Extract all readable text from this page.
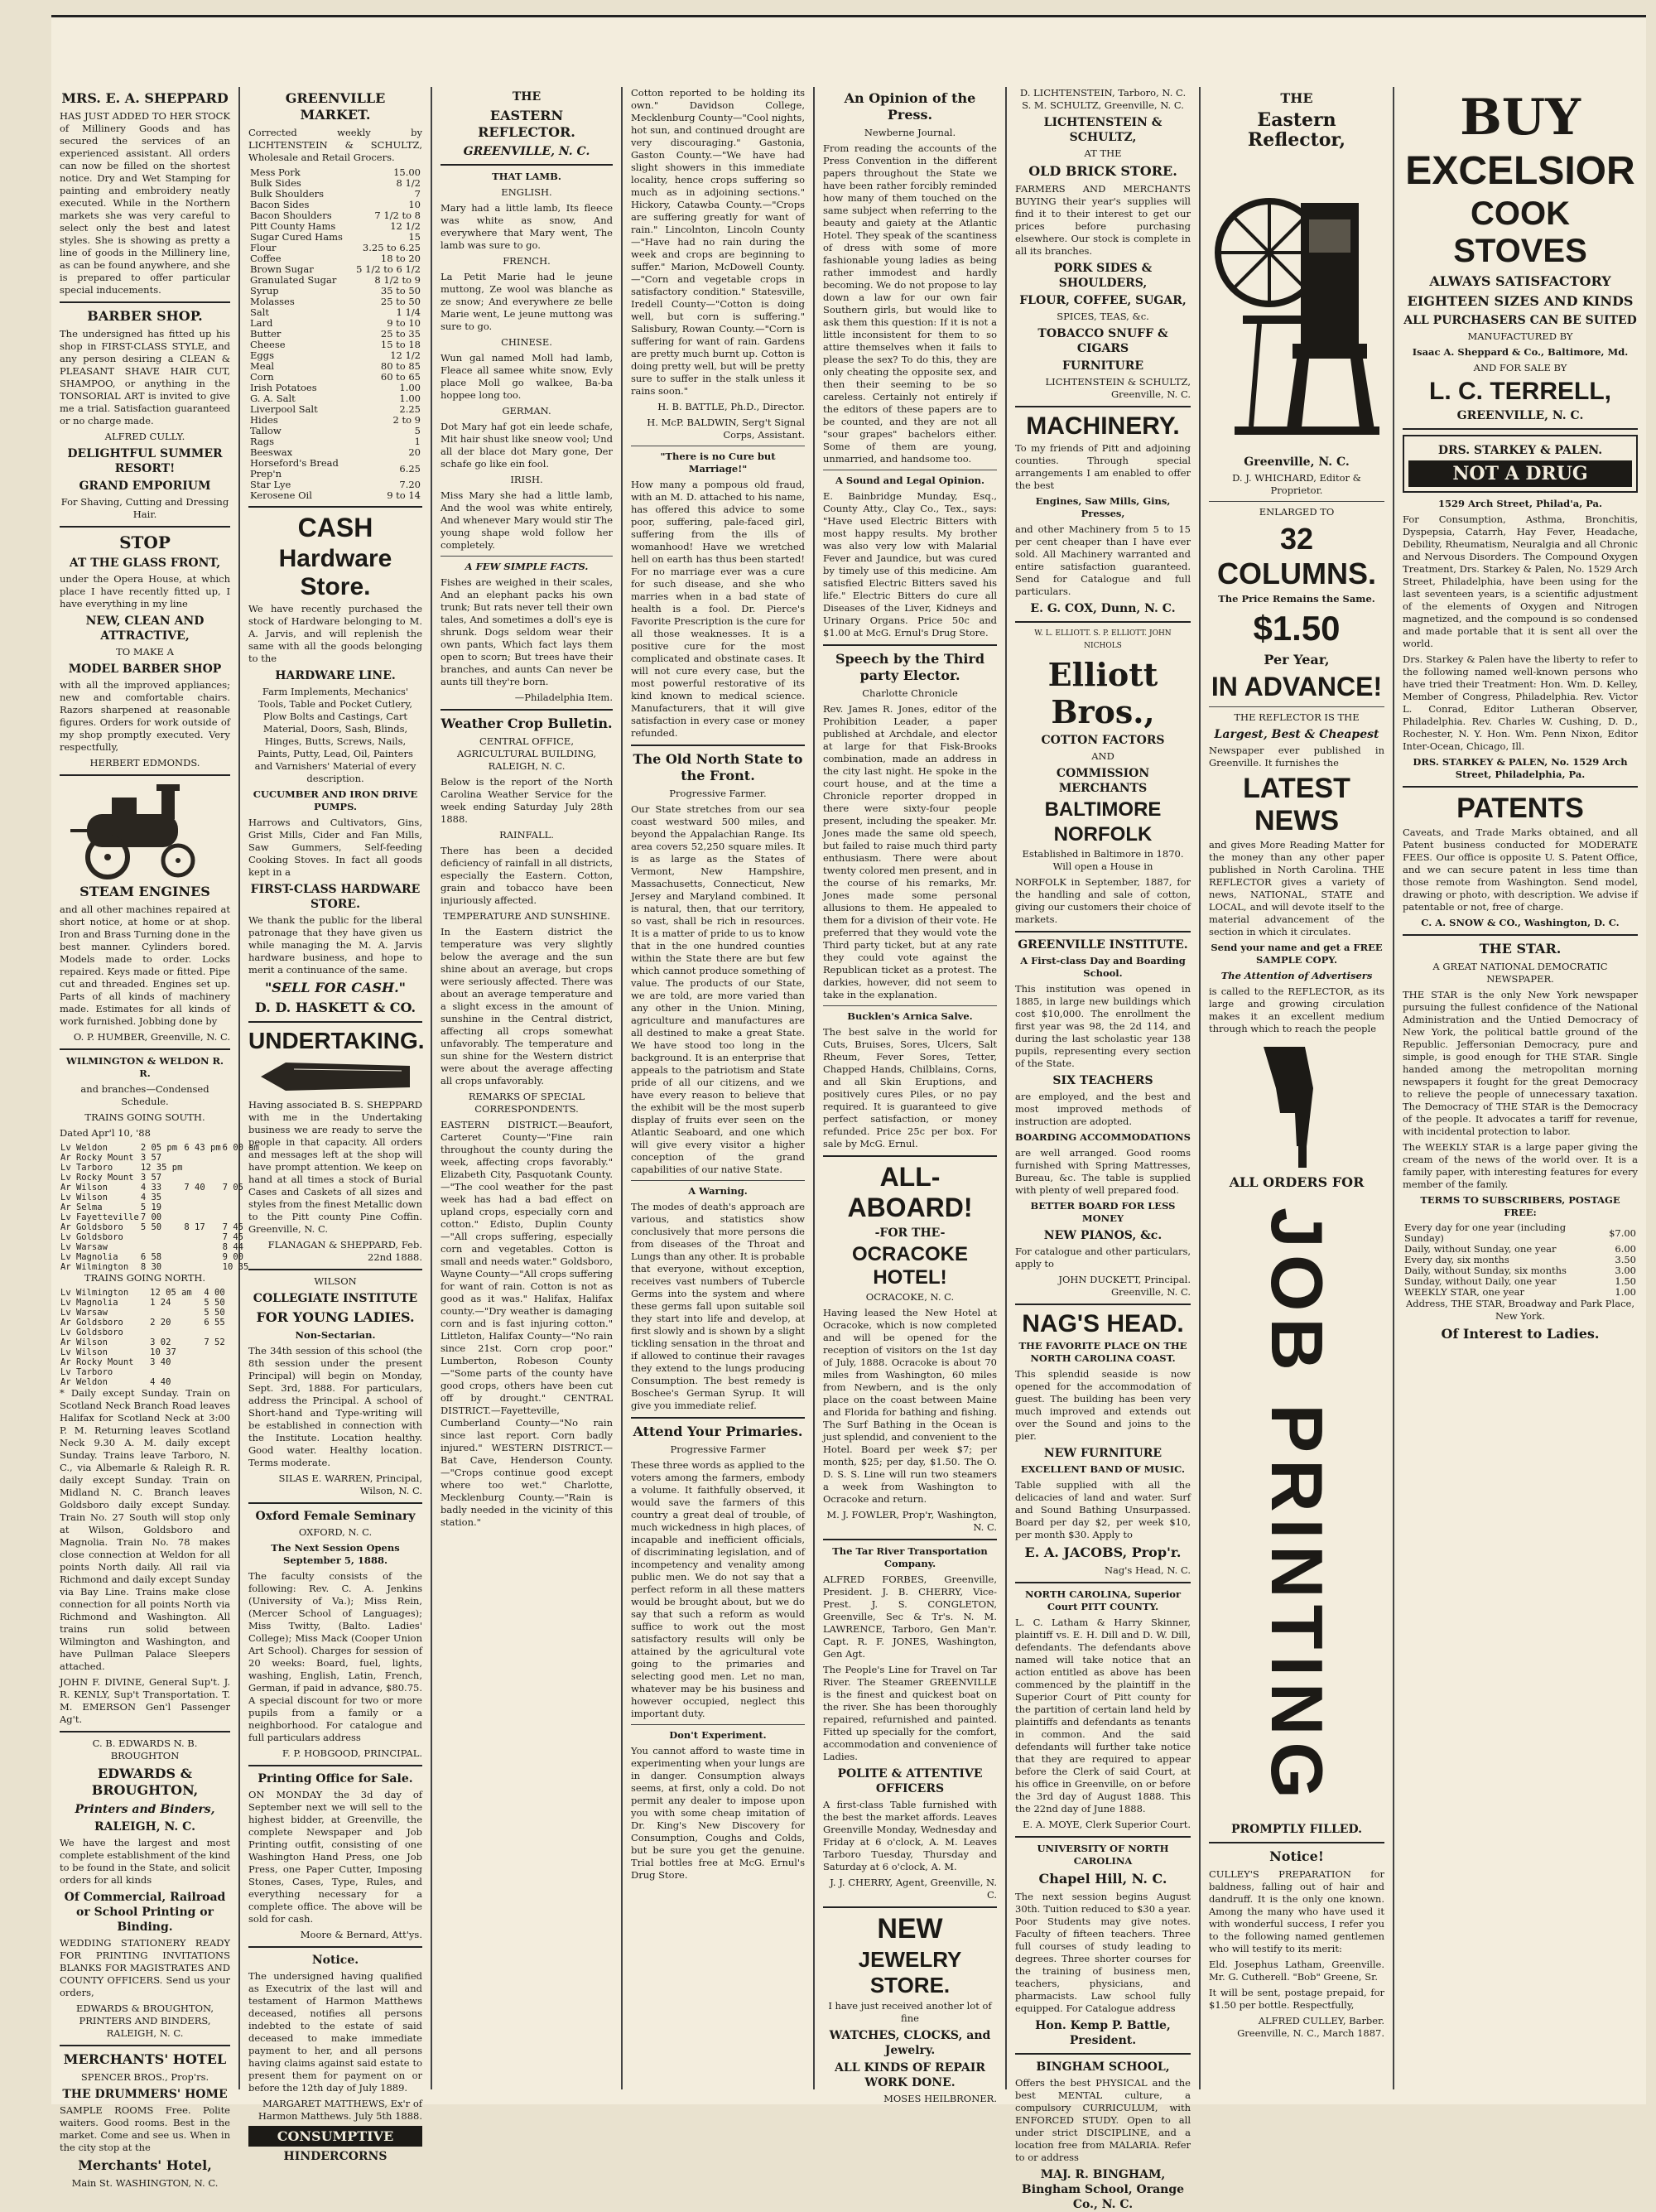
MRS. E. A. SHEPPARD

HAS JUST ADDED TO HER STOCK of Millinery Goods and has secured the services of an experienced assistant. All orders can now be filled on the shortest notice. Dry and Wet Stamping for painting and embroidery neatly executed. While in the Northern markets she was very careful to select only the best and latest styles. She is showing as pretty a line of goods in the Millinery line, as can be found anywhere, and she is prepared to offer particular special inducements.

BARBER SHOP.

The undersigned has fitted up his shop in FIRST-CLASS STYLE, and any person desiring a CLEAN & PLEASANT SHAVE HAIR CUT, SHAMPOO, or anything in the TONSORIAL ART is invited to give me a trial. Satisfaction guaranteed or no charge made.

ALFRED CULLY.

DELIGHTFUL SUMMER RESORT!
GRAND EMPORIUM

For Shaving, Cutting and Dressing Hair.

STOP
AT THE GLASS FRONT,

under the Opera House, at which place I have recently fitted up, I have everything in my line

NEW, CLEAN AND ATTRACTIVE,

TO MAKE A

MODEL BARBER SHOP

with all the improved appliances; new and comfortable chairs. Razors sharpened at reasonable figures. Orders for work outside of my shop promptly executed. Very respectfully,

HERBERT EDMONDS.

STEAM ENGINES

and all other machines repaired at short notice, at home or at shop. Iron and Brass Turning done in the best manner. Cylinders bored. Models made to order. Locks repaired. Keys made or fitted. Pipe cut and threaded. Engines set up. Parts of all kinds of machinery made. Estimates for all kinds of work furnished. Jobbing done by

O. P. HUMBER, Greenville, N. C.

WILMINGTON & WELDON R. R.

and branches—Condensed Schedule.

TRAINS GOING SOUTH.

Dated Apr'l 10, '88

Lv Weldon	2 05 pm	6 43 pm	6 00 am
Ar Rocky Mount	3 57		
Lv Tarboro	12 35 pm		
Lv Rocky Mount	3 57		
Ar Wilson	4 33	7 40	7 05
Lv Wilson	4 35		
Ar Selma	5 19		
Lv Fayetteville	7 00		
Ar Goldsboro	5 50	8 17	7 45
Lv Goldsboro			7 45
Lv Warsaw			8 44
Lv Magnolia	6 58		9 00
Ar Wilmington	8 30		10 35

TRAINS GOING NORTH.

Lv Wilmington	12 05 am		4 00
Lv Magnolia	1 24		5 50
Lv Warsaw			5 50
Ar Goldsboro	2 20		6 55
Lv Goldsboro			
Ar Wilson	3 02		7 52
Lv Wilson	10 37		
Ar Rocky Mount	3 40		
Lv Tarboro			
Ar Weldon	4 40		

* Daily except Sunday. Train on Scotland Neck Branch Road leaves Halifax for Scotland Neck at 3:00 P. M. Returning leaves Scotland Neck 9.30 A. M. daily except Sunday. Trains leave Tarboro, N. C., via Albemarle & Raleigh R. R. daily except Sunday. Train on Midland N. C. Branch leaves Goldsboro daily except Sunday. Train No. 27 South will stop only at Wilson, Goldsboro and Magnolia. Train No. 78 makes close connection at Weldon for all points North daily. All rail via Richmond and daily except Sunday via Bay Line. Trains make close connection for all points North via Richmond and Washington. All trains run solid between Wilmington and Washington, and have Pullman Palace Sleepers attached.

JOHN F. DIVINE, General Sup't. J. R. KENLY, Sup't Transportation. T. M. EMERSON Gen'l Passenger Ag't.

C. B. EDWARDS N. B. BROUGHTON

EDWARDS & BROUGHTON,
Printers and Binders,
RALEIGH, N. C.

We have the largest and most complete establishment of the kind to be found in the State, and solicit orders for all kinds

Of Commercial, Railroad or School Printing or Binding.

WEDDING STATIONERY READY FOR PRINTING INVITATIONS BLANKS FOR MAGISTRATES AND COUNTY OFFICERS. Send us your orders,

EDWARDS & BROUGHTON, PRINTERS AND BINDERS, RALEIGH, N. C.

MERCHANTS' HOTEL

SPENCER BROS., Prop'rs.

THE DRUMMERS' HOME

SAMPLE ROOMS Free. Polite waiters. Good rooms. Best in the market. Come and see us. When in the city stop at the

Merchants' Hotel,

Main St. WASHINGTON, N. C.

GREENVILLE MARKET.

Corrected weekly by LICHTENSTEIN & SCHULTZ, Wholesale and Retail Grocers.

Mess Pork	15.00
Bulk Sides	8 1/2
Bulk Shoulders	7
Bacon Sides	10
Bacon Shoulders	7 1/2 to 8
Pitt County Hams	12 1/2
Sugar Cured Hams	15
Flour	3.25 to 6.25
Coffee	18 to 20
Brown Sugar	5 1/2 to 6 1/2
Granulated Sugar	8 1/2 to 9
Syrup	35 to 50
Molasses	25 to 50
Salt	1 1/4
Lard	9 to 10
Butter	25 to 35
Cheese	15 to 18
Eggs	12 1/2
Meal	80 to 85
Corn	60 to 65
Irish Potatoes	1.00
G. A. Salt	1.00
Liverpool Salt	2.25
Hides	2 to 9
Tallow	5
Rags	1
Beeswax	20
Horseford's Bread Prep'n	6.25
Star Lye	7.20
Kerosene Oil	9 to 14
CASH
Hardware Store.

We have recently purchased the stock of Hardware belonging to M. A. Jarvis, and will replenish the same with all the goods belonging to the

HARDWARE LINE.

Farm Implements, Mechanics' Tools, Table and Pocket Cutlery, Plow Bolts and Castings, Cart Material, Doors, Sash, Blinds, Hinges, Butts, Screws, Nails, Paints, Putty, Lead, Oil, Painters and Varnishers' Material of every description.

CUCUMBER AND IRON DRIVE PUMPS.

Harrows and Cultivators, Gins, Grist Mills, Cider and Fan Mills, Saw Gummers, Self-feeding Cooking Stoves. In fact all goods kept in a

FIRST-CLASS HARDWARE STORE.

We thank the public for the liberal patronage that they have given us while managing the M. A. Jarvis hardware business, and hope to merit a continuance of the same.

"SELL FOR CASH."
D. D. HASKETT & CO.
UNDERTAKING.

Having associated B. S. SHEPPARD with me in the Undertaking business we are ready to serve the people in that capacity. All orders and messages left at the shop will have prompt attention. We keep on hand at all times a stock of Burial Cases and Caskets of all sizes and styles from the finest Metallic down to the Pitt county Pine Coffin. Greenville, N. C.

FLANAGAN & SHEPPARD, Feb. 22nd 1888.

WILSON

COLLEGIATE INSTITUTE
FOR YOUNG LADIES.

Non-Sectarian.

The 34th session of this school (the 8th session under the present Principal) will begin on Monday, Sept. 3rd, 1888. For particulars, address the Principal. A school of Short-hand and Type-writing will be established in connection with the Institute. Location healthy. Good water. Healthy location. Terms moderate.

SILAS E. WARREN, Principal, Wilson, N. C.

Oxford Female Seminary

OXFORD, N. C.

The Next Session Opens September 5, 1888.

The faculty consists of the following: Rev. C. A. Jenkins (University of Va.); Miss Rein, (Mercer School of Languages); Miss Twitty, (Balto. Ladies' College); Miss Mack (Cooper Union Art School). Charges for session of 20 weeks: Board, fuel, lights, washing, English, Latin, French, German, if paid in advance, $80.75. A special discount for two or more pupils from a family or a neighborhood. For catalogue and full particulars address

F. P. HOBGOOD, PRINCIPAL.

Printing Office for Sale.

ON MONDAY the 3d day of September next we will sell to the highest bidder, at Greenville, the complete Newspaper and Job Printing outfit, consisting of one Washington Hand Press, one Job Press, one Paper Cutter, Imposing Stones, Cases, Type, Rules, and everything necessary for a complete office. The above will be sold for cash.

Moore & Bernard, Att'ys.

Notice.

The undersigned having qualified as Executrix of the last will and testament of Harmon Matthews deceased, notifies all persons indebted to the estate of said deceased to make immediate payment to her, and all persons having claims against said estate to present them for payment on or before the 12th day of July 1889.

MARGARET MATTHEWS, Ex'r of Harmon Matthews. July 5th 1888.

CONSUMPTIVE
HINDERCORNS
THE
EASTERN REFLECTOR.
GREENVILLE, N. C.
THAT LAMB.

ENGLISH.

Mary had a little lamb, Its fleece was white as snow, And everywhere that Mary went, The lamb was sure to go.

FRENCH.

La Petit Marie had le jeune muttong, Ze wool was blanche as ze snow; And everywhere ze belle Marie went, Le jeune muttong was sure to go.

CHINESE.

Wun gal named Moll had lamb, Fleace all samee white snow, Evly place Moll go walkee, Ba-ba hoppee long too.

GERMAN.

Dot Mary haf got ein leede schafe, Mit hair shust like sneow vool; Und all der blace dot Mary gone, Der schafe go like ein fool.

IRISH.

Miss Mary she had a little lamb, And the wool was white entirely, And whenever Mary would stir The young shape wold follow her completely.

A FEW SIMPLE FACTS.

Fishes are weighed in their scales, And an elephant packs his own trunk; But rats never tell their own tales, And sometimes a doll's eye is shrunk. Dogs seldom wear their own pants, Which fact lays them open to scorn; But trees have their branches, and aunts Can never be aunts till they're born.

—Philadelphia Item.

Weather Crop Bulletin.

CENTRAL OFFICE, AGRICULTURAL BUILDING, RALEIGH, N. C.

Below is the report of the North Carolina Weather Service for the week ending Saturday July 28th 1888.

RAINFALL.

There has been a decided deficiency of rainfall in all districts, especially the Eastern. Cotton, grain and tobacco have been injuriously affected.

TEMPERATURE AND SUNSHINE.

In the Eastern district the temperature was very slightly below the average and the sun shine about an average, but crops were seriously affected. There was about an average temperature and a slight excess in the amount of sunshine in the Central district, affecting all crops somewhat unfavorably. The temperature and sun shine for the Western district were about the average affecting all crops unfavorably.

REMARKS OF SPECIAL CORRESPONDENTS.

EASTERN DISTRICT.—Beaufort, Carteret County—"Fine rain throughout the county during the week, affecting crops favorably." Elizabeth City, Pasquotank County.—"The cool weather for the past week has had a bad effect on upland crops, especially corn and cotton." Edisto, Duplin County—"All crops suffering, especially corn and vegetables. Cotton is small and needs water." Goldsboro, Wayne County—"All crops suffering for want of rain. Cotton is not as good as it was." Halifax, Halifax county.—"Dry weather is damaging corn and is fast injuring cotton." Littleton, Halifax County—"No rain since 21st. Corn crop poor." Lumberton, Robeson County—"Some parts of the county have good crops, others have been cut off by drought." CENTRAL DISTRICT.—Fayetteville, Cumberland County—"No rain since last report. Corn badly injured." WESTERN DISTRICT.—Bat Cave, Henderson County.—"Crops continue good except where too wet." Charlotte, Mecklenburg County.—"Rain is badly needed in the vicinity of this station."

Cotton reported to be holding its own." Davidson College, Mecklenburg County—"Cool nights, hot sun, and continued drought are very discouraging." Gastonia, Gaston County.—"We have had slight showers in this immediate locality, hence crops suffering so much as in adjoining sections." Hickory, Catawba County.—"Crops are suffering greatly for want of rain." Lincolnton, Lincoln County—"Have had no rain during the week and crops are beginning to suffer." Marion, McDowell County.—"Corn and vegetable crops in satisfactory condition." Statesville, Iredell County—"Cotton is doing well, but corn is suffering." Salisbury, Rowan County.—"Corn is suffering for want of rain. Gardens are pretty much burnt up. Cotton is doing pretty well, but will be pretty sure to suffer in the stalk unless it rains soon."

H. B. BATTLE, Ph.D., Director.

H. McP. BALDWIN, Serg't Signal Corps, Assistant.

"There is no Cure but Marriage!"

How many a pompous old fraud, with an M. D. attached to his name, has offered this advice to some poor, suffering, pale-faced girl, suffering from the ills of womanhood! Have we wretched hell on earth has thus been started! For no marriage ever was a cure for such disease, and she who marries when in a bad state of health is a fool. Dr. Pierce's Favorite Prescription is the cure for all those weaknesses. It is a positive cure for the most complicated and obstinate cases. It will not cure every case, but the most powerful restorative of its kind known to medical science. Manufacturers, that it will give satisfaction in every case or money refunded.

The Old North State to the Front.

Progressive Farmer.

Our State stretches from our sea coast westward 500 miles, and beyond the Appalachian Range. Its area covers 52,250 square miles. It is as large as the States of Vermont, New Hampshire, Massachusetts, Connecticut, New Jersey and Maryland combined. It is natural, then, that our territory, so vast, shall be rich in resources. It is a matter of pride to us to know that in the one hundred counties within the State there are but few which cannot produce something of value. The products of our State, we are told, are more varied than any other in the Union. Mining, agriculture and manufactures are all destined to make a great State. We have stood too long in the background. It is an enterprise that appeals to the patriotism and State pride of all our citizens, and we have every reason to believe that the exhibit will be the most superb display of fruits ever seen on the Atlantic Seaboard, and one which will give every visitor a higher conception of the grand capabilities of our native State.

A Warning.

The modes of death's approach are various, and statistics show conclusively that more persons die from diseases of the Throat and Lungs than any other. It is probable that everyone, without exception, receives vast numbers of Tubercle Germs into the system and where these germs fall upon suitable soil they start into life and develop, at first slowly and is shown by a slight tickling sensation in the throat and if allowed to continue their ravages they extend to the lungs producing Consumption. The best remedy is Boschee's German Syrup. It will give you immediate relief.

Attend Your Primaries.

Progressive Farmer

These three words as applied to the voters among the farmers, embody a volume. It faithfully observed, it would save the farmers of this country a great deal of trouble, of much wickedness in high places, of incapable and inefficient officials, of discriminating legislation, and of incompetency and venality among public men. We do not say that a perfect reform in all these matters would be brought about, but we do say that such a reform as would suffice to work out the most satisfactory results will only be attained by the agricultural vote going to the primaries and selecting good men. Let no man, whatever may be his business and however occupied, neglect this important duty.

Don't Experiment.

You cannot afford to waste time in experimenting when your lungs are in danger. Consumption always seems, at first, only a cold. Do not permit any dealer to impose upon you with some cheap imitation of Dr. King's New Discovery for Consumption, Coughs and Colds, but be sure you get the genuine. Trial bottles free at McG. Ernul's Drug Store.

An Opinion of the Press.

Newberne Journal.

From reading the accounts of the Press Convention in the different papers throughout the State we have been rather forcibly reminded how many of them touched on the same subject when referring to the beauty and gaiety at the Atlantic Hotel. They speak of the scantiness of dress with some of more fashionable young ladies as being rather immodest and hardly becoming. We do not propose to lay down a law for our own fair Southern girls, but would like to ask them this question: If it is not a little inconsistent for them to so attire themselves when it fails to please the sex? To do this, they are only cheating the opposite sex, and then their seeming to be so careless. Certainly not entirely if the editors of these papers are to be counted, and they are not all "sour grapes" bachelors either. Some of them are young, unmarried, and handsome too.

A Sound and Legal Opinion.

E. Bainbridge Munday, Esq., County Atty., Clay Co., Tex., says: "Have used Electric Bitters with most happy results. My brother was also very low with Malarial Fever and Jaundice, but was cured by timely use of this medicine. Am satisfied Electric Bitters saved his life." Electric Bitters do cure all Diseases of the Liver, Kidneys and Urinary Organs. Price 50c and $1.00 at McG. Ernul's Drug Store.

Speech by the Third party Elector.

Charlotte Chronicle

Rev. James R. Jones, editor of the Prohibition Leader, a paper published at Archdale, and elector at large for that Fisk-Brooks combination, made an address in the city last night. He spoke in the court house, and at the time a Chronicle reporter dropped in there were sixty-four people present, including the speaker. Mr. Jones made the same old speech, but failed to raise much third party enthusiasm. There were about twenty colored men present, and in the course of his remarks, Mr. Jones made some personal allusions to them. He appealed to them for a division of their vote. He preferred that they would vote the Third party ticket, but at any rate they could vote against the Republican ticket as a protest. The darkies, however, did not seem to take in the explanation.

Bucklen's Arnica Salve.

The best salve in the world for Cuts, Bruises, Sores, Ulcers, Salt Rheum, Fever Sores, Tetter, Chapped Hands, Chilblains, Corns, and all Skin Eruptions, and positively cures Piles, or no pay required. It is guaranteed to give perfect satisfaction, or money refunded. Price 25c per box. For sale by McG. Ernul.

ALL-ABOARD!
-FOR THE-
OCRACOKE HOTEL!

OCRACOKE, N. C.

Having leased the New Hotel at Ocracoke, which is now completed and will be opened for the reception of visitors on the 1st day of July, 1888. Ocracoke is about 70 miles from Washington, 60 miles from Newbern, and is the only place on the coast between Maine and Florida for bathing and fishing. The Surf Bathing in the Ocean is just splendid, and convenient to the Hotel. Board per week $7; per month, $25; per day, $1.50. The O. D. S. S. Line will run two steamers a week from Washington to Ocracoke and return.

M. J. FOWLER, Prop'r, Washington, N. C.

The Tar River Transportation Company.

ALFRED FORBES, Greenville, President. J. B. CHERRY, Vice-Prest. J. S. CONGLETON, Greenville, Sec & Tr's. N. M. LAWRENCE, Tarboro, Gen Man'r. Capt. R. F. JONES, Washington, Gen Agt.

The People's Line for Travel on Tar River. The Steamer GREENVILLE is the finest and quickest boat on the river. She has been thoroughly repaired, refurnished and painted. Fitted up specially for the comfort, accommodation and convenience of Ladies.

POLITE & ATTENTIVE OFFICERS

A first-class Table furnished with the best the market affords. Leaves Greenville Monday, Wednesday and Friday at 6 o'clock, A. M. Leaves Tarboro Tuesday, Thursday and Saturday at 6 o'clock, A. M.

J. J. CHERRY, Agent, Greenville, N. C.

NEW
JEWELRY STORE.

I have just received another lot of fine

WATCHES, CLOCKS, and Jewelry.
ALL KINDS OF REPAIR WORK DONE.

MOSES HEILBRONER.

D. LICHTENSTEIN, Tarboro, N. C. S. M. SCHULTZ, Greenville, N. C.

LICHTENSTEIN & SCHULTZ,

AT THE

OLD BRICK STORE.

FARMERS AND MERCHANTS BUYING their year's supplies will find it to their interest to get our prices before purchasing elsewhere. Our stock is complete in all its branches.

PORK SIDES & SHOULDERS,
FLOUR, COFFEE, SUGAR,

SPICES, TEAS, &c.

TOBACCO SNUFF & CIGARS
FURNITURE

LICHTENSTEIN & SCHULTZ, Greenville, N. C.

MACHINERY.

To my friends of Pitt and adjoining counties. Through special arrangements I am enabled to offer the best

Engines, Saw Mills, Gins, Presses,

and other Machinery from 5 to 15 per cent cheaper than I have ever sold. All Machinery warranted and entire satisfaction guaranteed. Send for Catalogue and full particulars.

E. G. COX, Dunn, N. C.

W. L. ELLIOTT. S. P. ELLIOTT. JOHN NICHOLS

Elliott Bros.,
COTTON FACTORS

AND

COMMISSION MERCHANTS
BALTIMORE
NORFOLK

Established in Baltimore in 1870. Will open a House in

NORFOLK in September, 1887, for the handling and sale of cotton, giving our customers their choice of markets.

GREENVILLE INSTITUTE.

A First-class Day and Boarding School.

This institution was opened in 1885, in large new buildings which cost $10,000. The enrollment the first year was 98, the 2d 114, and during the last scholastic year 138 pupils, representing every section of the State.

SIX TEACHERS

are employed, and the best and most improved methods of instruction are adopted.

BOARDING ACCOMMODATIONS

are well arranged. Good rooms furnished with Spring Mattresses, Bureau, &c. The table is supplied with plenty of well prepared food.

BETTER BOARD FOR LESS MONEY
NEW PIANOS, &c.

For catalogue and other particulars, apply to

JOHN DUCKETT, Principal. Greenville, N. C.

NAG'S HEAD.
THE FAVORITE PLACE ON THE NORTH CAROLINA COAST.

This splendid seaside is now opened for the accommodation of guest. The building has been very much improved and extends out over the Sound and joins to the pier.

NEW FURNITURE
EXCELLENT BAND OF MUSIC.

Table supplied with all the delicacies of land and water. Surf and Sound Bathing Unsurpassed. Board per day $2, per week $10, per month $30. Apply to

E. A. JACOBS, Prop'r.

Nag's Head, N. C.

NORTH CAROLINA, Superior Court PITT COUNTY.

L. C. Latham & Harry Skinner, plaintiff vs. E. H. Dill and D. W. Dill, defendants. The defendants above named will take notice that an action entitled as above has been commenced by the plaintiff in the Superior Court of Pitt county for the partition of certain land held by plaintiffs and defendants as tenants in common. And the said defendants will further take notice that they are required to appear before the Clerk of said Court, at his office in Greenville, on or before the 3rd day of August 1888. This the 22nd day of June 1888.

E. A. MOYE, Clerk Superior Court.

UNIVERSITY OF NORTH CAROLINA
Chapel Hill, N. C.

The next session begins August 30th. Tuition reduced to $30 a year. Poor Students may give notes. Faculty of fifteen teachers. Three full courses of study leading to degrees. Three shorter courses for the training of business men, teachers, physicians, and pharmacists. Law school fully equipped. For Catalogue address

Hon. Kemp P. Battle, President.
BINGHAM SCHOOL,

Offers the best PHYSICAL and the best MENTAL culture, a compulsory CURRICULUM, with ENFORCED STUDY. Open to all under strict DISCIPLINE, and a location free from MALARIA. Refer to or address

MAJ. R. BINGHAM, Bingham School, Orange Co., N. C.
THE
Eastern Reflector,
Greenville, N. C.

D. J. WHICHARD, Editor & Proprietor.

ENLARGED TO

32 COLUMNS.

The Price Remains the Same.

$1.50
Per Year,
IN ADVANCE!

THE REFLECTOR IS THE

Largest, Best & Cheapest

Newspaper ever published in Greenville. It furnishes the

LATEST NEWS

and gives More Reading Matter for the money than any other paper published in North Carolina. THE REFLECTOR gives a variety of news, NATIONAL, STATE and LOCAL, and will devote itself to the material advancement of the section in which it circulates.

Send your name and get a FREE SAMPLE COPY.

The Attention of Advertisers

is called to the REFLECTOR, as its large and growing circulation makes it an excellent medium through which to reach the people

ALL ORDERS FOR
JOB PRINTING
PROMPTLY FILLED.
Notice!

CULLEY'S PREPARATION for baldness, falling out of hair and dandruff. It is the only one known. Among the many who have used it with wonderful success, I refer you to the following named gentlemen who will testify to its merit:

Eld. Josephus Latham, Greenville. Mr. G. Cutherell. "Bob" Greene, Sr.

It will be sent, postage prepaid, for $1.50 per bottle. Respectfully,

ALFRED CULLEY, Barber. Greenville, N. C., March 1887.

BUY
EXCELSIOR
COOK STOVES
ALWAYS SATISFACTORY
EIGHTEEN SIZES AND KINDS
ALL PURCHASERS CAN BE SUITED

MANUFACTURED BY

Isaac A. Sheppard & Co., Baltimore, Md.

AND FOR SALE BY

L. C. TERRELL,
GREENVILLE, N. C.
DRS. STARKEY & PALEN.
NOT A DRUG
1529 Arch Street, Philad'a, Pa.

For Consumption, Asthma, Bronchitis, Dyspepsia, Catarrh, Hay Fever, Headache, Debility, Rheumatism, Neuralgia and all Chronic and Nervous Disorders. The Compound Oxygen Treatment, Drs. Starkey & Palen, No. 1529 Arch Street, Philadelphia, have been using for the last seventeen years, is a scientific adjustment of the elements of Oxygen and Nitrogen magnetized, and the compound is so condensed and made portable that it is sent all over the world.

Drs. Starkey & Palen have the liberty to refer to the following named well-known persons who have tried their Treatment: Hon. Wm. D. Kelley, Member of Congress, Philadelphia. Rev. Victor L. Conrad, Editor Lutheran Observer, Philadelphia. Rev. Charles W. Cushing, D. D., Rochester, N. Y. Hon. Wm. Penn Nixon, Editor Inter-Ocean, Chicago, Ill.

DRS. STARKEY & PALEN, No. 1529 Arch Street, Philadelphia, Pa.

PATENTS

Caveats, and Trade Marks obtained, and all Patent business conducted for MODERATE FEES. Our office is opposite U. S. Patent Office, and we can secure patent in less time than those remote from Washington. Send model, drawing or photo, with description. We advise if patentable or not, free of charge.

C. A. SNOW & CO., Washington, D. C.

THE STAR.

A GREAT NATIONAL DEMOCRATIC NEWSPAPER.

THE STAR is the only New York newspaper pursuing the fullest confidence of the National Administration and the Untied Democracy of New York, the political battle ground of the Republic. Jeffersonian Democracy, pure and simple, is good enough for THE STAR. Single handed among the metropolitan morning newspapers it fought for the great Democracy to relieve the people of unnecessary taxation. The Democracy of THE STAR is the Democracy of the people. It advocates a tariff for revenue, with incidental protection to labor.

The WEEKLY STAR is a large paper giving the cream of the news of the world over. It is a family paper, with interesting features for every member of the family.

TERMS TO SUBSCRIBERS, POSTAGE FREE:

Every day for one year (including Sunday)	$7.00
Daily, without Sunday, one year	6.00
Every day, six months	3.50
Daily, without Sunday, six months	3.00
Sunday, without Daily, one year	1.50
WEEKLY STAR, one year	1.00

Address, THE STAR, Broadway and Park Place, New York.

Of Interest to Ladies.
